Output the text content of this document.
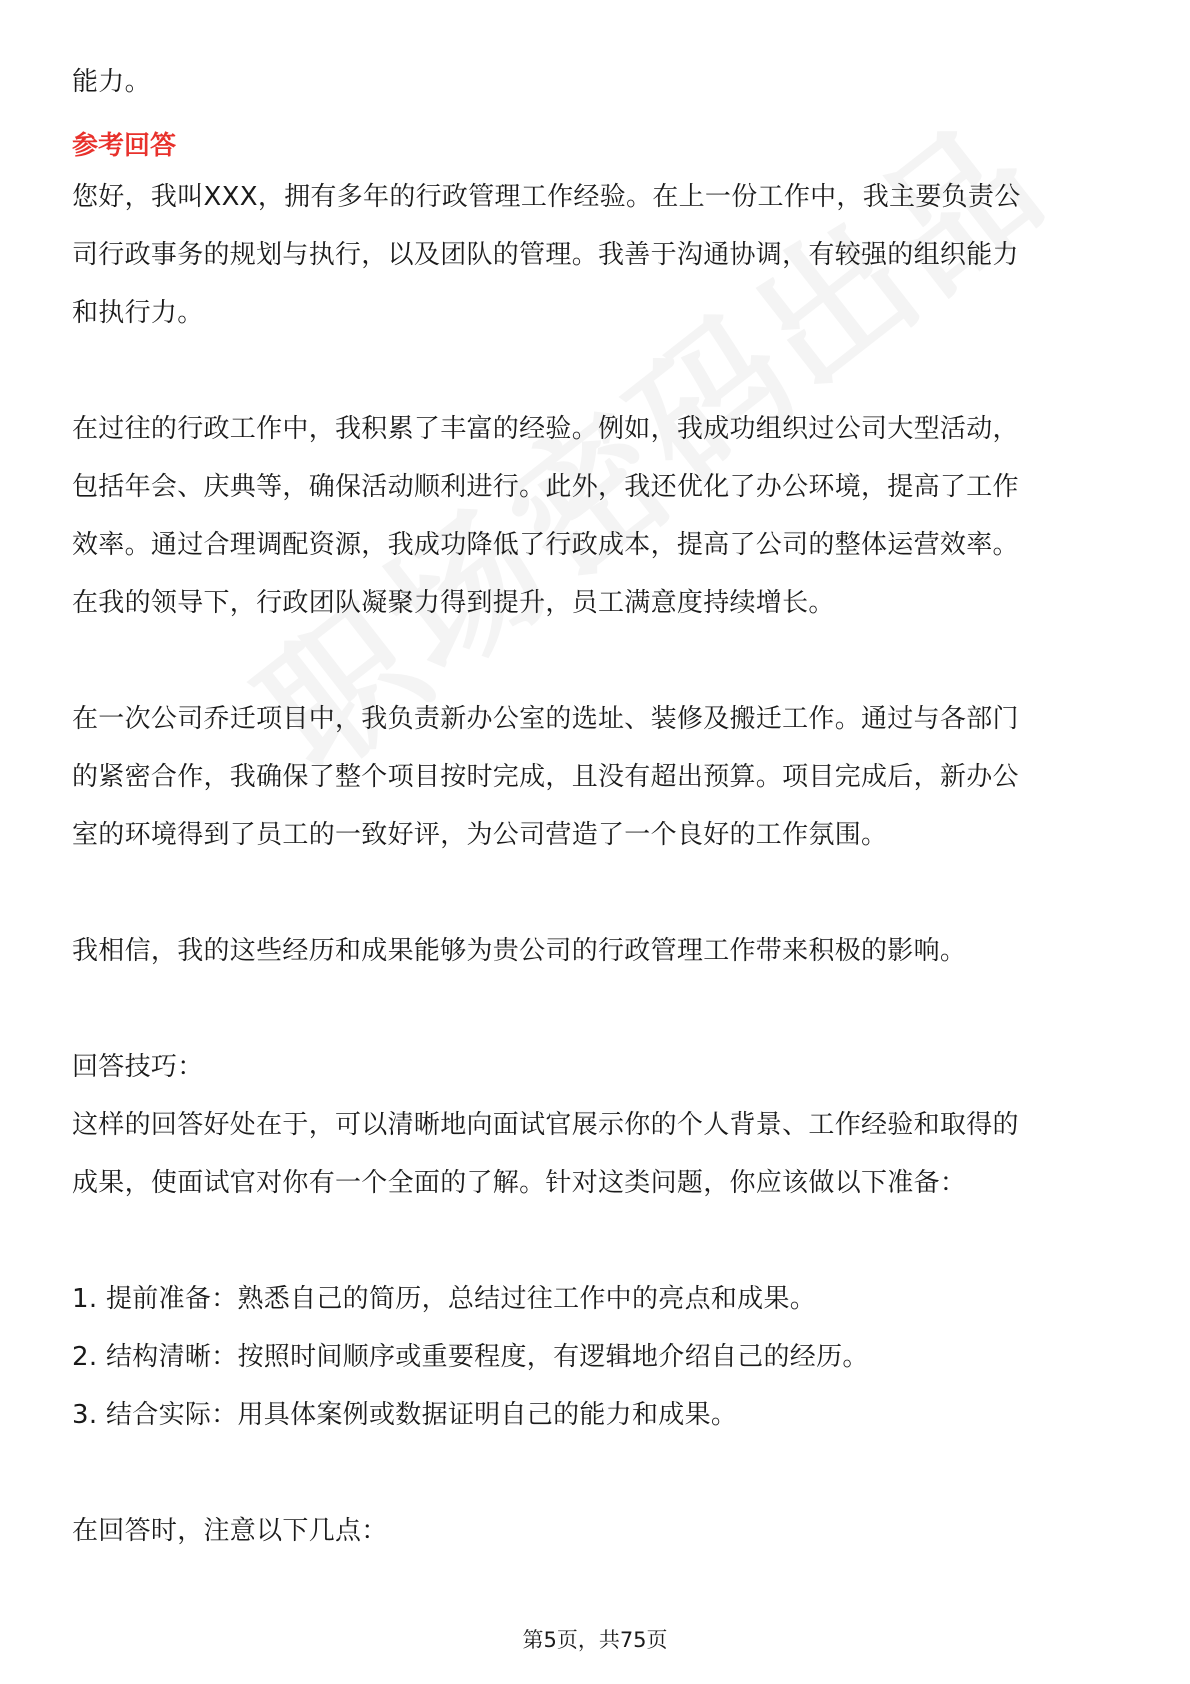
能力。

参考回答

您好，我叫XXX，拥有多年的行政管理工作经验。在上一份工作中，我主要负责公

司行政事务的规划与执行，以及团队的管理。我善于沟通协调，有较强的组织能力

和执行力。

在过往的行政工作中，我积累了丰富的经验。例如，我成功组织过公司大型活动，

包括年会、庆典等，确保活动顺利进行。此外，我还优化了办公环境，提高了工作

效率。通过合理调配资源，我成功降低了行政成本，提高了公司的整体运营效率。

在我的领导下，行政团队凝聚力得到提升，员工满意度持续增长。

在一次公司乔迁项目中，我负责新办公室的选址、装修及搬迁工作。通过与各部门

的紧密合作，我确保了整个项目按时完成，且没有超出预算。项目完成后，新办公

室的环境得到了员工的一致好评，为公司营造了一个良好的工作氛围。

我相信，我的这些经历和成果能够为贵公司的行政管理工作带来积极的影响。

回答技巧：

这样的回答好处在于，可以清晰地向面试官展示你的个人背景、工作经验和取得的

成果，使面试官对你有一个全面的了解。针对这类问题，你应该做以下准备：

1. 提前准备：熟悉自己的简历，总结过往工作中的亮点和成果。

2. 结构清晰：按照时间顺序或重要程度，有逻辑地介绍自己的经历。

3. 结合实际：用具体案例或数据证明自己的能力和成果。

在回答时，注意以下几点：

第5页，共75页
